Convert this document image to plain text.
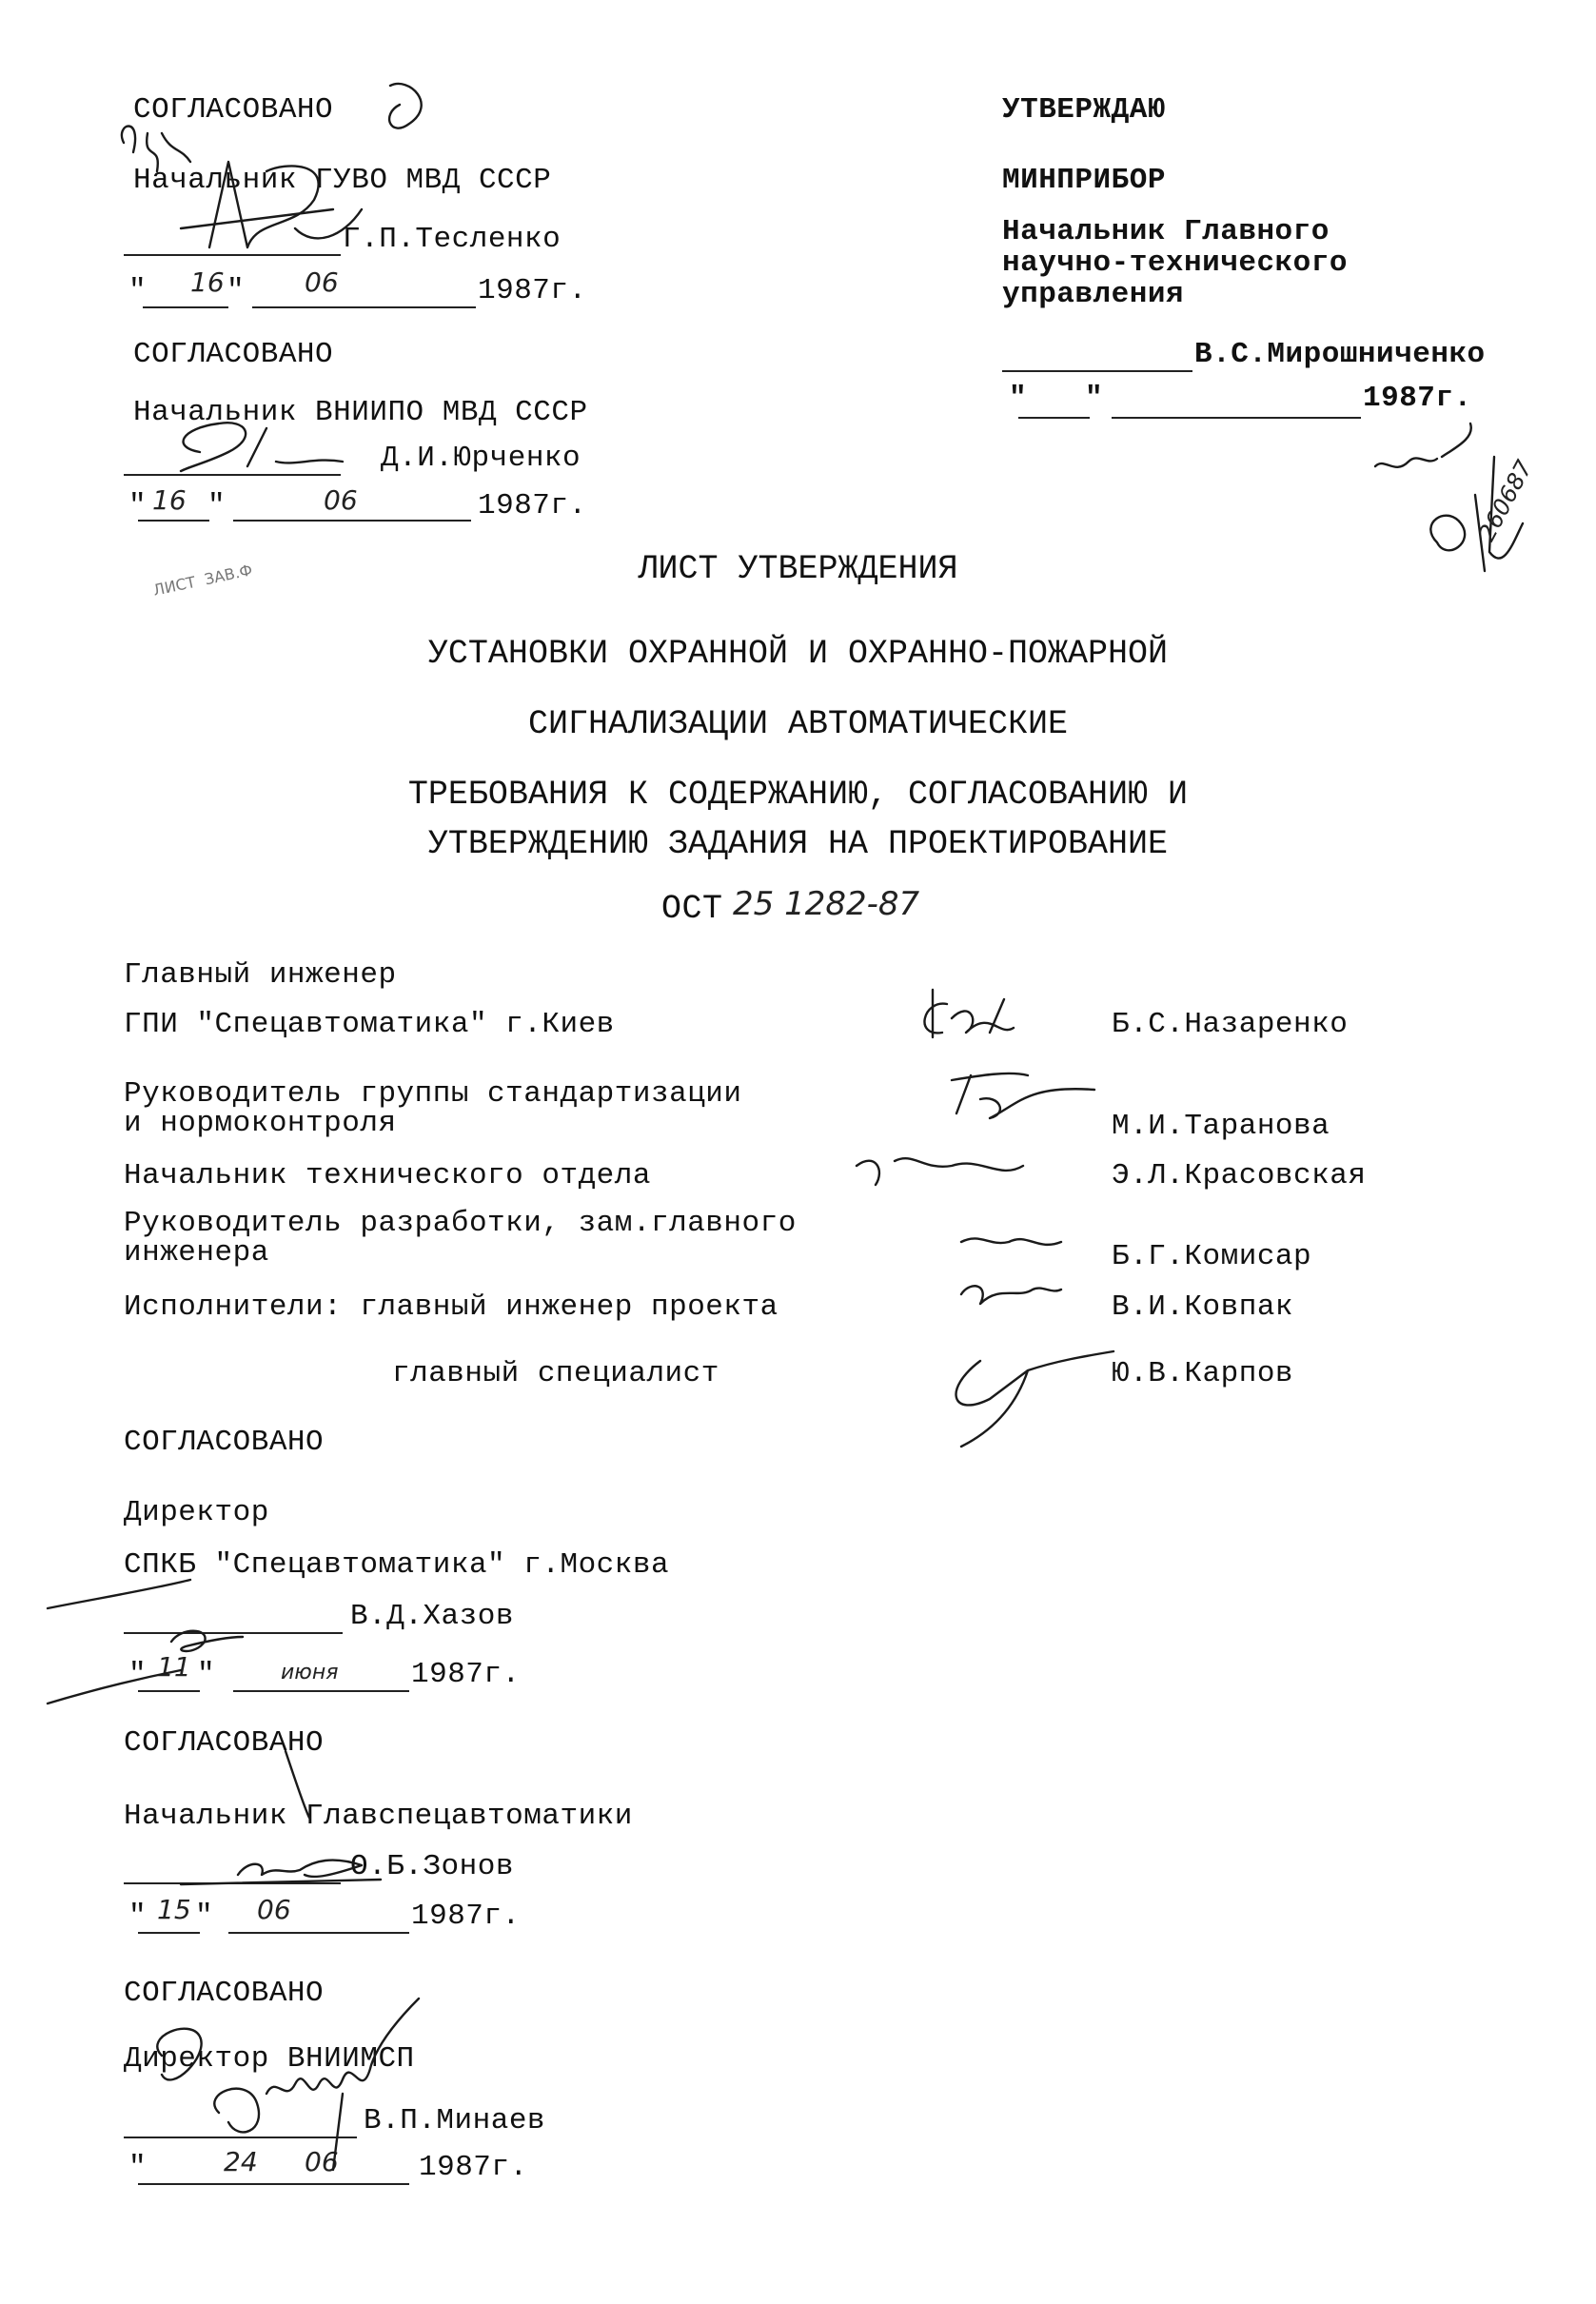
СОГЛАСОВАНО
Начальник ГУВО МВД СССР
Г.П.Тесленко
" 16 " 06	1987г.
СОГЛАСОВАНО
Начальник ВНИИПО МВД СССР
Д.И.Юрченко
" 16 "	06	1987г.
ЛИСТ  ЗАВ.Ф
УТВЕРЖДАЮ
МИНПРИБОР
Начальник Главного
научно-технического
управления
В.С.Мирошниченко
" "	1987г.
260687
ЛИСТ УТВЕРЖДЕНИЯ
УСТАНОВКИ ОХРАННОЙ И ОХРАННО-ПОЖАРНОЙ
СИГНАЛИЗАЦИИ АВТОМАТИЧЕСКИЕ
ТРЕБОВАНИЯ К СОДЕРЖАНИЮ, СОГЛАСОВАНИЮ И
УТВЕРЖДЕНИЮ ЗАДАНИЯ НА ПРОЕКТИРОВАНИЕ
ОСТ 25 1282-87
Главный инженер
ГПИ "Спецавтоматика" г.Киев	Б.С.Назаренко
Руководитель группы стандартизации
и нормоконтроля	М.И.Таранова
Начальник технического отдела	Э.Л.Красовская
Руководитель разработки, зам.главного
инженера	Б.Г.Комисар
Исполнители: главный инженер проекта	В.И.Ковпак
главный специалист	Ю.В.Карпов
СОГЛАСОВАНО
Директор
СПКБ "Спецавтоматика" г.Москва
В.Д.Хазов
" 11 "	июня 1987г.
СОГЛАСОВАНО
Начальник Главспецавтоматики
О.Б.Зонов
" 15 " 06	1987г.
СОГЛАСОВАНО
Директор ВНИИМСП
В.П.Минаев
"	24 06	1987г.
